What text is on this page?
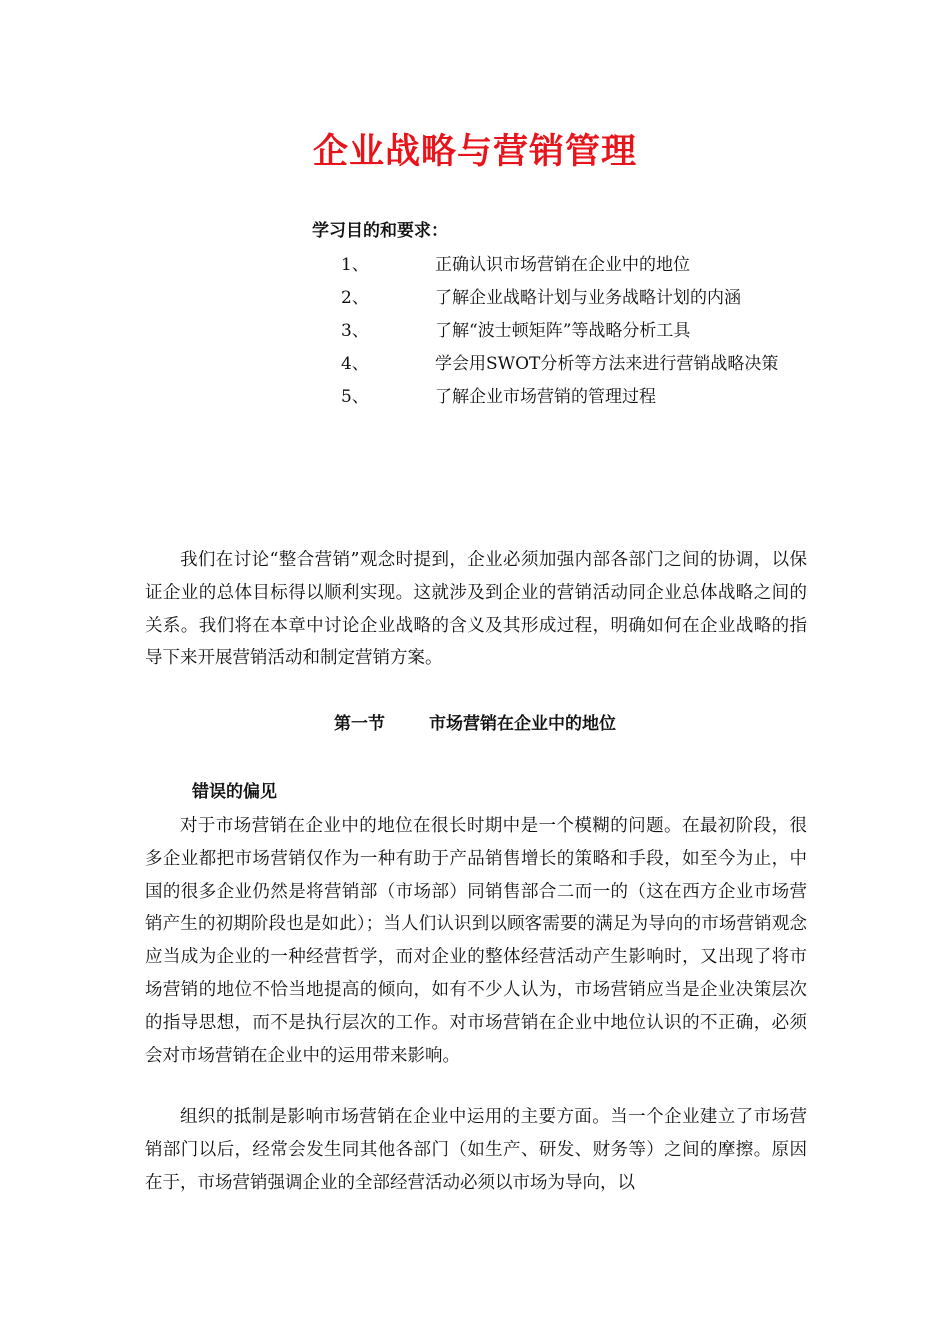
企业战略与营销管理

学习目的和要求：

1、	正确认识市场营销在企业中的地位
2、	了解企业战略计划与业务战略计划的内涵
3、	了解“波士顿矩阵”等战略分析工具
4、	学会用SWOT分析等方法来进行营销战略决策
5、	了解企业市场营销的管理过程

我们在讨论“整合营销”观念时提到，企业必须加强内部各部门之间的协调，以保证企业的总体目标得以顺利实现。这就涉及到企业的营销活动同企业总体战略之间的关系。我们将在本章中讨论企业战略的含义及其形成过程，明确如何在企业战略的指导下来开展营销活动和制定营销方案。

第一节	市场营销在企业中的地位
错误的偏见

对于市场营销在企业中的地位在很长时期中是一个模糊的问题。在最初阶段，很多企业都把市场营销仅作为一种有助于产品销售增长的策略和手段，如至今为止，中国的很多企业仍然是将营销部（市场部）同销售部合二而一的（这在西方企业市场营销产生的初期阶段也是如此）；当人们认识到以顾客需要的满足为导向的市场营销观念应当成为企业的一种经营哲学，而对企业的整体经营活动产生影响时，又出现了将市场营销的地位不恰当地提高的倾向，如有不少人认为，市场营销应当是企业决策层次的指导思想，而不是执行层次的工作。对市场营销在企业中地位认识的不正确，必须会对市场营销在企业中的运用带来影响。

组织的抵制是影响市场营销在企业中运用的主要方面。当一个企业建立了市场营销部门以后，经常会发生同其他各部门（如生产、研发、财务等）之间的摩擦。原因在于，市场营销强调企业的全部经营活动必须以市场为导向，以
